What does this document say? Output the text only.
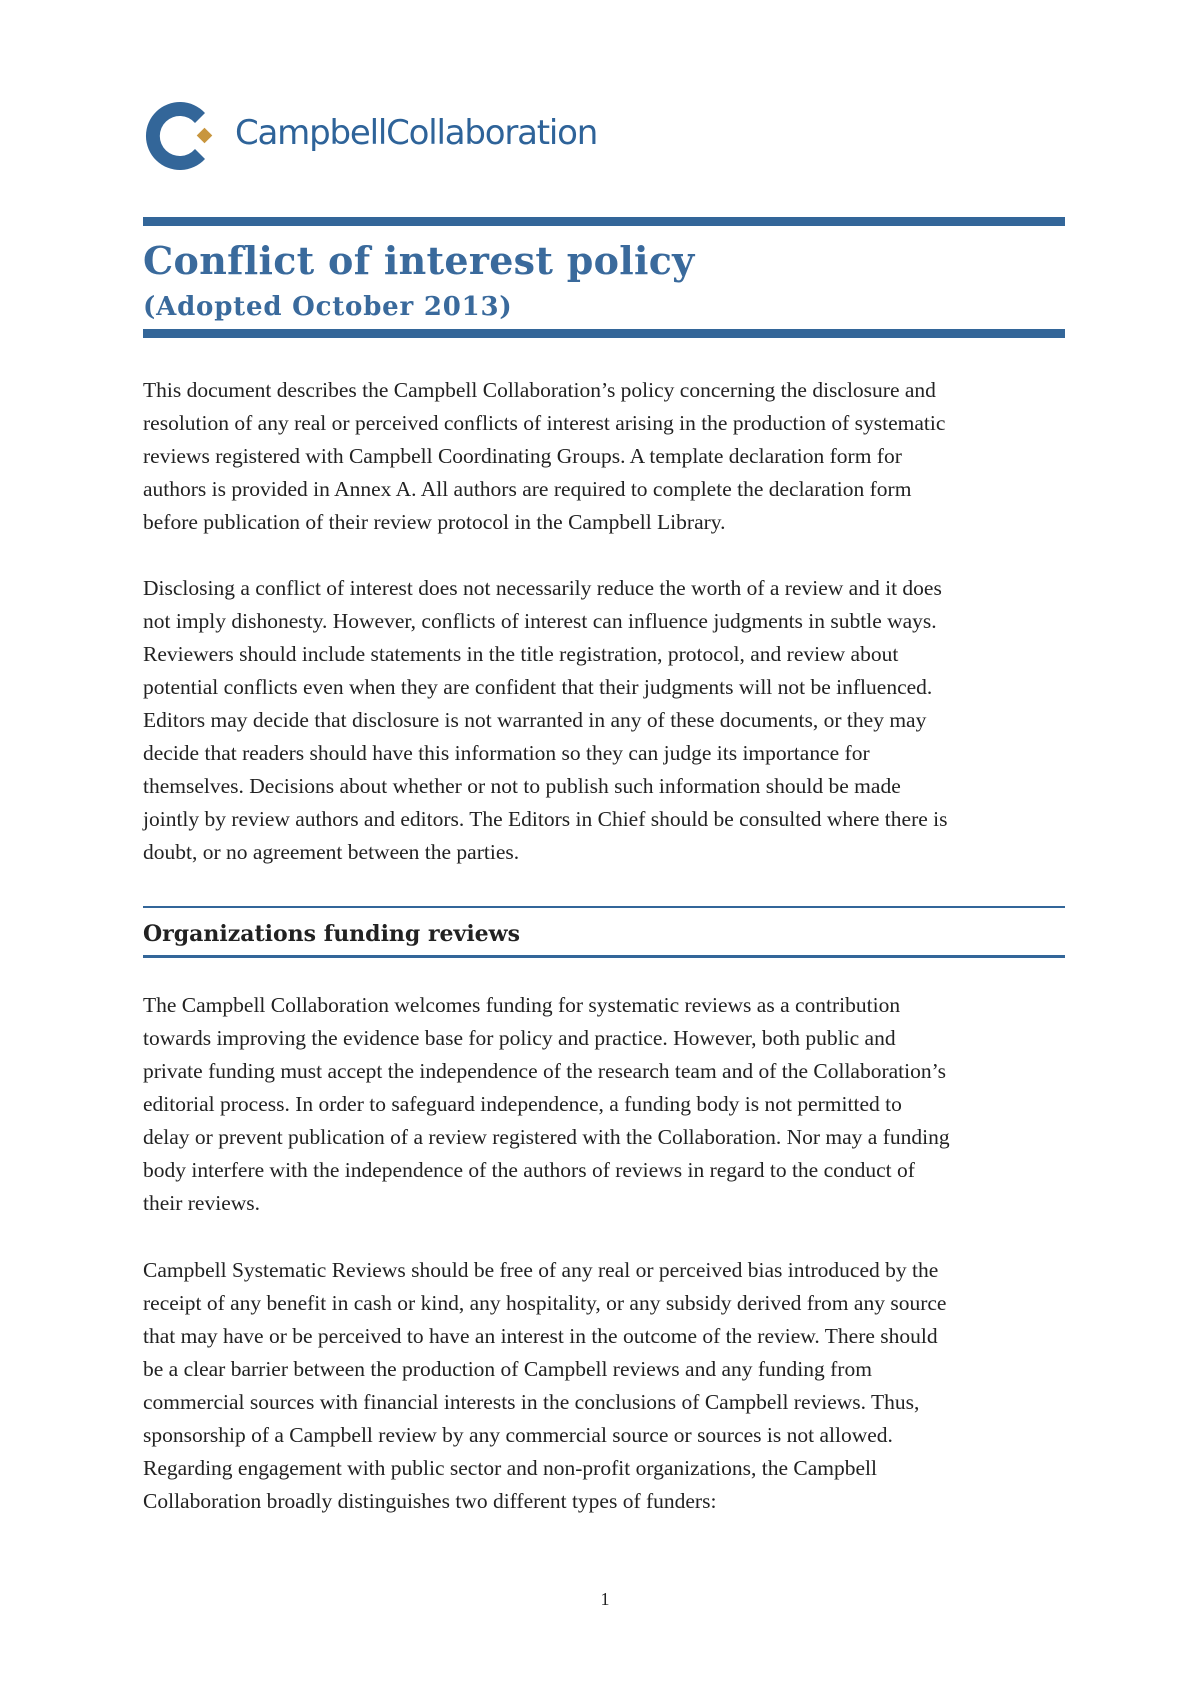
CampbellCollaboration
Conflict of interest policy
(Adopted October 2013)
This document describes the Campbell Collaboration’s policy concerning the disclosure and
resolution of any real or perceived conflicts of interest arising in the production of systematic
reviews registered with Campbell Coordinating Groups. A template declaration form for
authors is provided in Annex A. All authors are required to complete the declaration form
before publication of their review protocol in the Campbell Library.
Disclosing a conflict of interest does not necessarily reduce the worth of a review and it does
not imply dishonesty. However, conflicts of interest can influence judgments in subtle ways.
Reviewers should include statements in the title registration, protocol, and review about
potential conflicts even when they are confident that their judgments will not be influenced.
Editors may decide that disclosure is not warranted in any of these documents, or they may
decide that readers should have this information so they can judge its importance for
themselves. Decisions about whether or not to publish such information should be made
jointly by review authors and editors. The Editors in Chief should be consulted where there is
doubt, or no agreement between the parties.
Organizations funding reviews
The Campbell Collaboration welcomes funding for systematic reviews as a contribution
towards improving the evidence base for policy and practice. However, both public and
private funding must accept the independence of the research team and of the Collaboration’s
editorial process. In order to safeguard independence, a funding body is not permitted to
delay or prevent publication of a review registered with the Collaboration. Nor may a funding
body interfere with the independence of the authors of reviews in regard to the conduct of
their reviews.
Campbell Systematic Reviews should be free of any real or perceived bias introduced by the
receipt of any benefit in cash or kind, any hospitality, or any subsidy derived from any source
that may have or be perceived to have an interest in the outcome of the review. There should
be a clear barrier between the production of Campbell reviews and any funding from
commercial sources with financial interests in the conclusions of Campbell reviews. Thus,
sponsorship of a Campbell review by any commercial source or sources is not allowed.
Regarding engagement with public sector and non-profit organizations, the Campbell
Collaboration broadly distinguishes two different types of funders:
1
